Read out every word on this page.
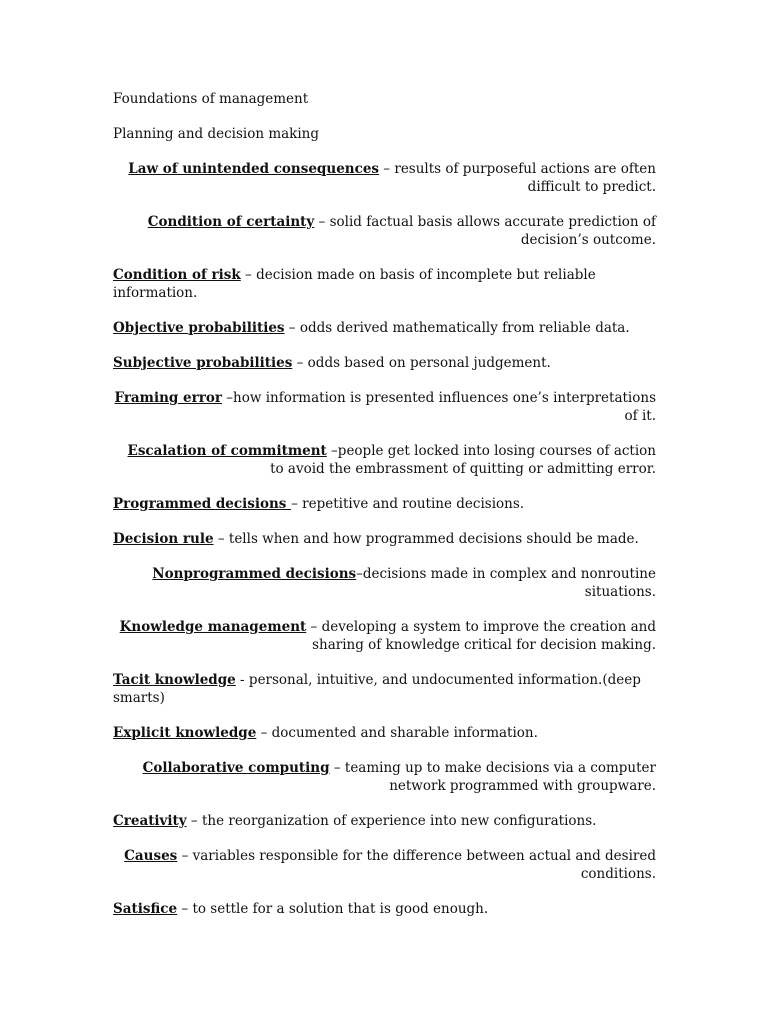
Foundations of management

Planning and decision making

Law of unintended consequences – results of purposeful actions are often difficult to predict.

Condition of certainty – solid factual basis allows accurate prediction of decision’s outcome.

Condition of risk – decision made on basis of incomplete but reliable information.

Objective probabilities – odds derived mathematically from reliable data.

Subjective probabilities – odds based on personal judgement.

Framing error –how information is presented influences one’s interpretations of it.

Escalation of commitment –people get locked into losing courses of action to avoid the embrassment of quitting or admitting error.

Programmed decisions – repetitive and routine decisions.

Decision rule – tells when and how programmed decisions should be made.

Nonprogrammed decisions–decisions made in complex and nonroutine situations.

Knowledge management – developing a system to improve the creation and sharing of knowledge critical for decision making.

Tacit knowledge - personal, intuitive, and undocumented information.(deep smarts)

Explicit knowledge – documented and sharable information.

Collaborative computing – teaming up to make decisions via a computer network programmed with groupware.

Creativity – the reorganization of experience into new configurations.

Causes – variables responsible for the difference between actual and desired conditions.

Satisfice – to settle for a solution that is good enough.
